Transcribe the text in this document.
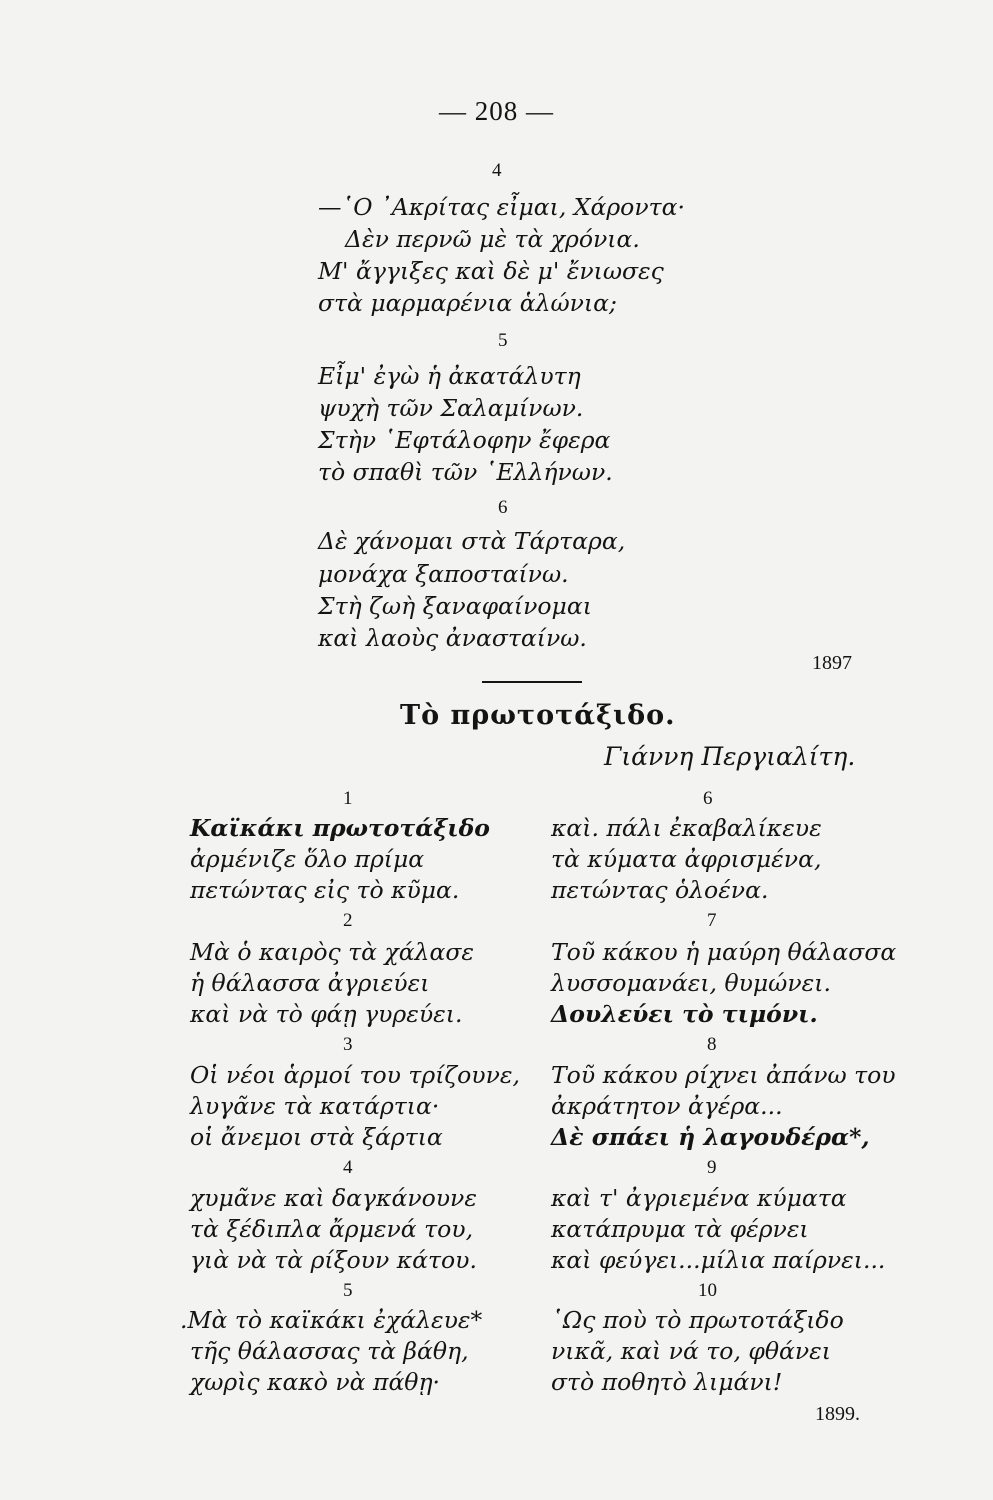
— 208 —
4
—῾Ο ᾿Ακρίτας εἶμαι, Χάροντα·
Δὲν περνῶ μὲ τὰ χρόνια.
Μ' ἄγγιξες καὶ δὲ μ' ἔνιωσες
στὰ μαρμαρένια ἁλώνια;
5
Εἶμ' ἐγὼ ἡ ἀκατάλυτη
ψυχὴ τῶν Σαλαμίνων.
Στὴν ῾Εφτάλοφην ἔφερα
τὸ σπαθὶ τῶν ῾Ελλήνων.
6
Δὲ χάνομαι στὰ Τάρταρα,
μονάχα ξαποσταίνω.
Στὴ ζωὴ ξαναφαίνομαι
καὶ λαοὺς ἀνασταίνω.
1897
Τὸ πρωτοτάξιδο.
Γιάννη Περγιαλίτη.
1
Καϊκάκι πρωτοτάξιδο
ἀρμένιζε ὅλο πρίμα
πετώντας εἰς τὸ κῦμα.
2
Μὰ ὁ καιρὸς τὰ χάλασε
ἡ θάλασσα ἀγριεύει
καὶ νὰ τὸ φάῃ γυρεύει.
3
Οἱ νέοι ἁρμοί του τρίζουνε,
λυγᾶνε τὰ κατάρτια·
οἱ ἄνεμοι στὰ ξάρτια
4
χυμᾶνε καὶ δαγκάνουνε
τὰ ξέδιπλα ἄρμενά του,
γιὰ νὰ τὰ ρίξουν κάτου.
5
.Μὰ τὸ καϊκάκι ἐχάλευε*
τῆς θάλασσας τὰ βάθη,
χωρὶς κακὸ νὰ πάθῃ·
6
καὶ. πάλι ἐκαβαλίκευε
τὰ κύματα ἀφρισμένα,
πετώντας ὁλοένα.
7
Τοῦ κάκου ἡ μαύρη θάλασσα
λυσσομανάει, θυμώνει.
Δουλεύει τὸ τιμόνι.
8
Τοῦ κάκου ρίχνει ἀπάνω του
ἀκράτητον ἀγέρα...
Δὲ σπάει ἡ λαγουδέρα*,
9
καὶ τ' ἀγριεμένα κύματα
κατάπρυμα τὰ φέρνει
καὶ φεύγει...μίλια παίρνει...
10
῾Ως ποὺ τὸ πρωτοτάξιδο
νικᾶ, καὶ νά το, φθάνει
στὸ ποθητὸ λιμάνι!
1899.
